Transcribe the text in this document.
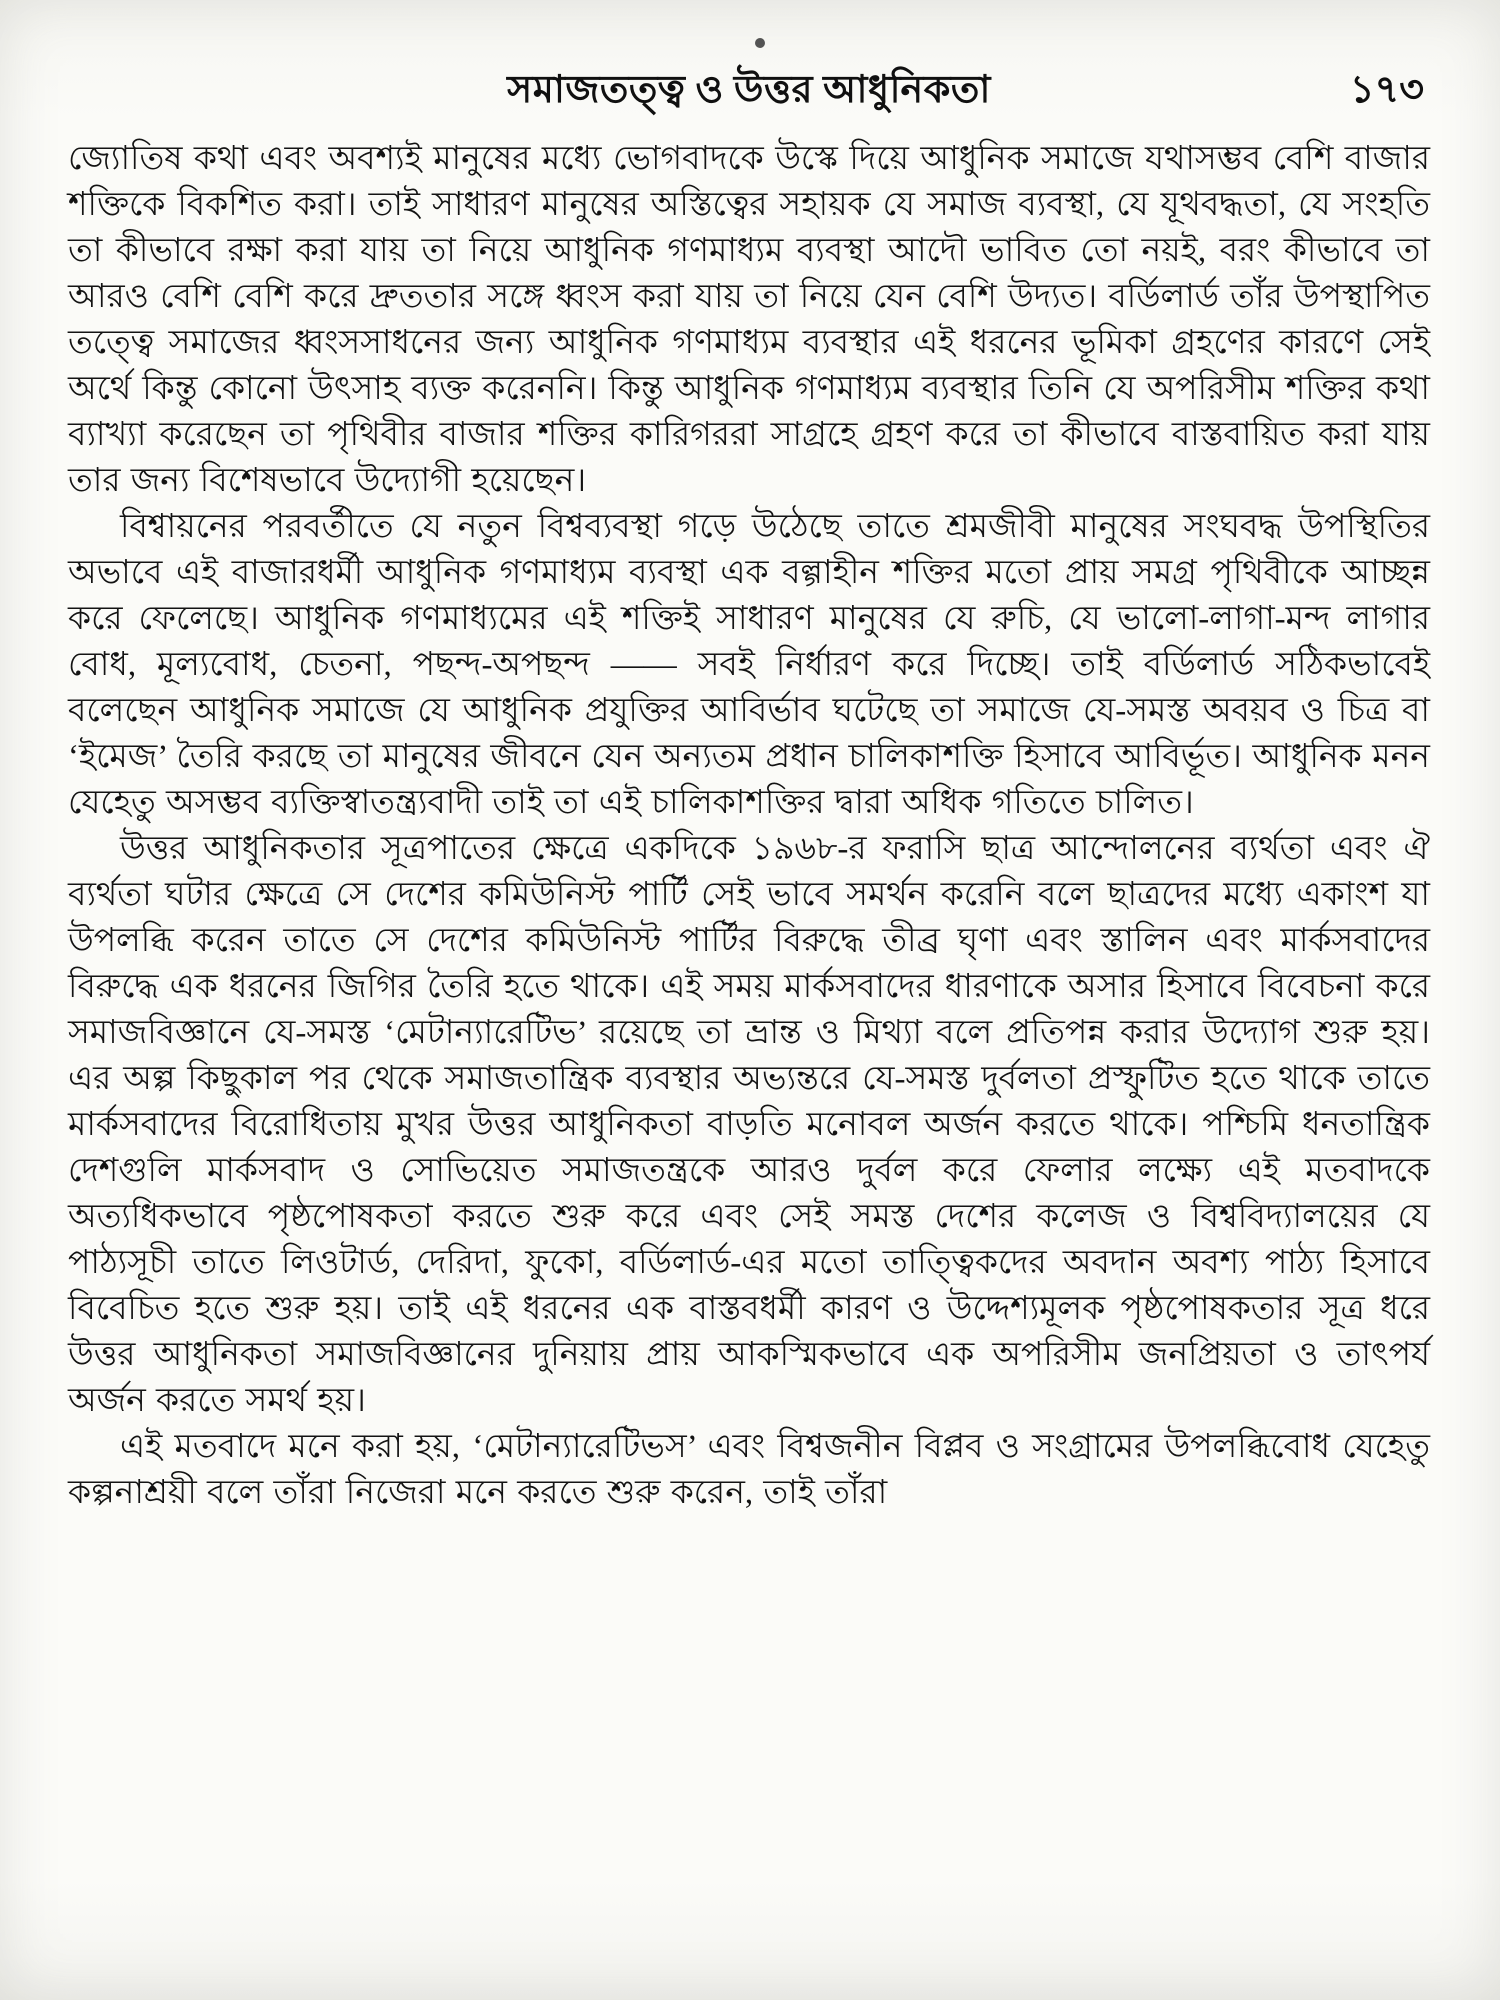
সমাজতত্ত্ব ও উত্তর আধুনিকতা	১৭৩

জ্যোতিষ কথা এবং অবশ্যই মানুষের মধ্যে ভোগবাদকে উস্কে দিয়ে আধুনিক সমাজে যথাসম্ভব বেশি বাজার শক্তিকে বিকশিত করা। তাই সাধারণ মানুষের অস্তিত্বের সহায়ক যে সমাজ ব্যবস্থা, যে যূথবদ্ধতা, যে সংহতি তা কীভাবে রক্ষা করা যায় তা নিয়ে আধুনিক গণমাধ্যম ব্যবস্থা আদৌ ভাবিত তো নয়ই, বরং কীভাবে তা আরও বেশি বেশি করে দ্রুততার সঙ্গে ধ্বংস করা যায় তা নিয়ে যেন বেশি উদ্যত। বর্ডিলার্ড তাঁর উপস্থাপিত তত্ত্বে সমাজের ধ্বংসসাধনের জন্য আধুনিক গণমাধ্যম ব্যবস্থার এই ধরনের ভূমিকা গ্রহণের কারণে সেই অর্থে কিন্তু কোনো উৎসাহ ব্যক্ত করেননি। কিন্তু আধুনিক গণমাধ্যম ব্যবস্থার তিনি যে অপরিসীম শক্তির কথা ব্যাখ্যা করেছেন তা পৃথিবীর বাজার শক্তির কারিগররা সাগ্রহে গ্রহণ করে তা কীভাবে বাস্তবায়িত করা যায় তার জন্য বিশেষভাবে উদ্যোগী হয়েছেন।

বিশ্বায়নের পরবর্তীতে যে নতুন বিশ্বব্যবস্থা গড়ে উঠেছে তাতে শ্রমজীবী মানুষের সংঘবদ্ধ উপস্থিতির অভাবে এই বাজারধর্মী আধুনিক গণমাধ্যম ব্যবস্থা এক বল্গাহীন শক্তির মতো প্রায় সমগ্র পৃথিবীকে আচ্ছন্ন করে ফেলেছে। আধুনিক গণমাধ্যমের এই শক্তিই সাধারণ মানুষের যে রুচি, যে ভালো-লাগা-মন্দ লাগার বোধ, মূল্যবোধ, চেতনা, পছন্দ-অপছন্দ —— সবই নির্ধারণ করে দিচ্ছে। তাই বর্ডিলার্ড সঠিকভাবেই বলেছেন আধুনিক সমাজে যে আধুনিক প্রযুক্তির আবির্ভাব ঘটেছে তা সমাজে যে-সমস্ত অবয়ব ও চিত্র বা ‘ইমেজ’ তৈরি করছে তা মানুষের জীবনে যেন অন্যতম প্রধান চালিকাশক্তি হিসাবে আবির্ভূত। আধুনিক মনন যেহেতু অসম্ভব ব্যক্তিস্বাতন্ত্র্যবাদী তাই তা এই চালিকাশক্তির দ্বারা অধিক গতিতে চালিত।

উত্তর আধুনিকতার সূত্রপাতের ক্ষেত্রে একদিকে ১৯৬৮-র ফরাসি ছাত্র আন্দোলনের ব্যর্থতা এবং ঐ ব্যর্থতা ঘটার ক্ষেত্রে সে দেশের কমিউনিস্ট পার্টি সেই ভাবে সমর্থন করেনি বলে ছাত্রদের মধ্যে একাংশ যা উপলব্ধি করেন তাতে সে দেশের কমিউনিস্ট পার্টির বিরুদ্ধে তীব্র ঘৃণা এবং স্তালিন এবং মার্কসবাদের বিরুদ্ধে এক ধরনের জিগির তৈরি হতে থাকে। এই সময় মার্কসবাদের ধারণাকে অসার হিসাবে বিবেচনা করে সমাজবিজ্ঞানে যে-সমস্ত ‘মেটান্যারেটিভ’ রয়েছে তা ভ্রান্ত ও মিথ্যা বলে প্রতিপন্ন করার উদ্যোগ শুরু হয়। এর অল্প কিছুকাল পর থেকে সমাজতান্ত্রিক ব্যবস্থার অভ্যন্তরে যে-সমস্ত দুর্বলতা প্রস্ফুটিত হতে থাকে তাতে মার্কসবাদের বিরোধিতায় মুখর উত্তর আধুনিকতা বাড়তি মনোবল অর্জন করতে থাকে। পশ্চিমি ধনতান্ত্রিক দেশগুলি মার্কসবাদ ও সোভিয়েত সমাজতন্ত্রকে আরও দুর্বল করে ফেলার লক্ষ্যে এই মতবাদকে অত্যধিকভাবে পৃষ্ঠপোষকতা করতে শুরু করে এবং সেই সমস্ত দেশের কলেজ ও বিশ্ববিদ্যালয়ের যে পাঠ্যসূচী তাতে লিওটার্ড, দেরিদা, ফুকো, বর্ডিলার্ড-এর মতো তাত্ত্বিকদের অবদান অবশ্য পাঠ্য হিসাবে বিবেচিত হতে শুরু হয়। তাই এই ধরনের এক বাস্তবধর্মী কারণ ও উদ্দেশ্যমূলক পৃষ্ঠপোষকতার সূত্র ধরে উত্তর আধুনিকতা সমাজবিজ্ঞানের দুনিয়ায় প্রায় আকস্মিকভাবে এক অপরিসীম জনপ্রিয়তা ও তাৎপর্য অর্জন করতে সমর্থ হয়।

এই মতবাদে মনে করা হয়, ‘মেটান্যারেটিভস’ এবং বিশ্বজনীন বিপ্লব ও সংগ্রামের উপলব্ধিবোধ যেহেতু কল্পনাশ্রয়ী বলে তাঁরা নিজেরা মনে করতে শুরু করেন, তাই তাঁরা
